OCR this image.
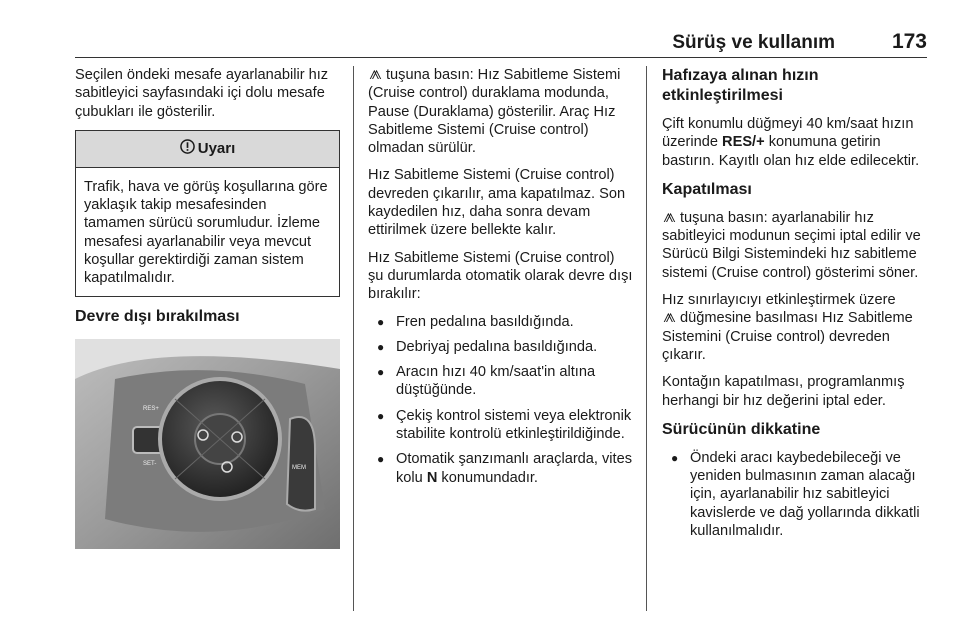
Sürüş ve kullanım	173

Seçilen öndeki mesafe ayarlanabilir hız sabitleyici sayfasındaki içi dolu mesafe çubukları ile gösterilir.

Uyarı
Trafik, hava ve görüş koşullarına göre yaklaşık takip mesafesinden tamamen sürücü sorumludur. İzleme mesafesi ayarlanabilir veya mevcut koşullar gerektirdiği zaman sistem kapatılmalıdır.
Devre dışı bırakılması
RES+
SET-
MEM

⨇ tuşuna basın: Hız Sabitleme Sistemi (Cruise control) duraklama modunda, Pause (Duraklama) gösterilir. Araç Hız Sabitleme Sistemi (Cruise control) olmadan sürülür.

Hız Sabitleme Sistemi (Cruise control) devreden çıkarılır, ama kapatılmaz. Son kaydedilen hız, daha sonra devam ettirilmek üzere bellekte kalır.

Hız Sabitleme Sistemi (Cruise control) şu durumlarda otomatik olarak devre dışı bırakılır:

● Fren pedalına basıldığında.
● Debriyaj pedalına basıldığında.
● Aracın hızı 40 km/saat'in altına düştüğünde.
● Çekiş kontrol sistemi veya elektronik stabilite kontrolü etkinleştirildiğinde.
● Otomatik şanzımanlı araçlarda, vites kolu N konumundadır.
Hafızaya alınan hızın etkinleştirilmesi

Çift konumlu düğmeyi 40 km/saat hızın üzerinde RES/+ konumuna getirin bastırın. Kayıtlı olan hız elde edilecektir.

Kapatılması

⨇ tuşuna basın: ayarlanabilir hız sabitleyici modunun seçimi iptal edilir ve Sürücü Bilgi Sistemindeki hız sabitleme sistemi (Cruise control) gösterimi söner.

Hız sınırlayıcıyı etkinleştirmek üzere
⨇ düğmesine basılması Hız Sabitleme Sistemini (Cruise control) devreden çıkarır.

Kontağın kapatılması, programlanmış herhangi bir hız değerini iptal eder.

Sürücünün dikkatine
● Öndeki aracı kaybedebileceği ve yeniden bulmasının zaman alacağı için, ayarlanabilir hız sabitleyici kavislerde ve dağ yollarında dikkatli kullanılmalıdır.
